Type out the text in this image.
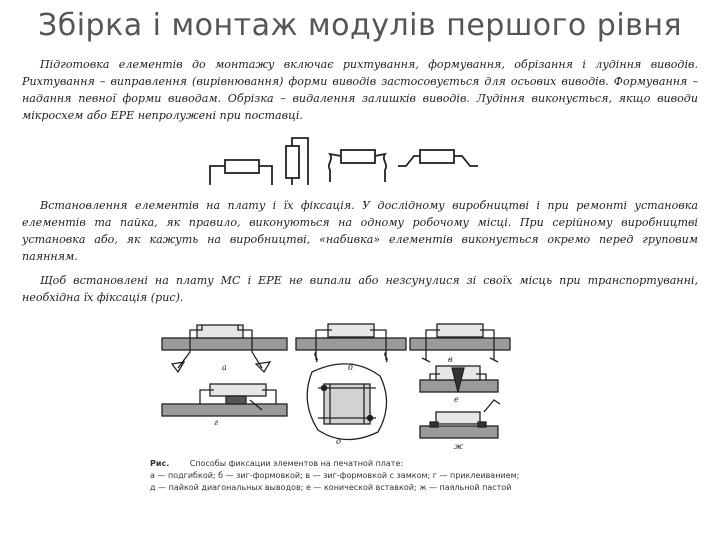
Збірка і монтаж модулів першого рівня

Підготовка елементів до монтажу включає рихтування, формування, обрізання і лудіння виводів. Рихтування – виправлення (вирівнювання) форми виводів застосовується для осьових виводів. Формування – надання певної форми виводам. Обрізка – видалення залишків виводів. Лудіння виконується, якщо виводи мікросхем або ЕРЕ непролужені при поставці.

Встановлення елементів на плату і їх фіксація. У дослідному виробництві і при ремонті установка елементів та пайка, як правило, виконуються на одному робочому місці. При серійному виробництві установка або, як кажуть на виробництві, «набивка» елементів виконується окремо перед груповим паянням.

Щоб встановлені на плату МС і ЕРЕ не випали або незсунулися зі своїх місць при транспортуванні, необхідна їх фіксація (рис).

а	б
в
г
д
е
ж
Рис.	Способы фиксации элементов на печатной плате:
а — подгибкой; б — зиг-формовкой; в — зиг-формовкой с замком; г — приклеиванием;
д — пайкой диагональных выводов; е — конической вставкой; ж — паяльной пастой
